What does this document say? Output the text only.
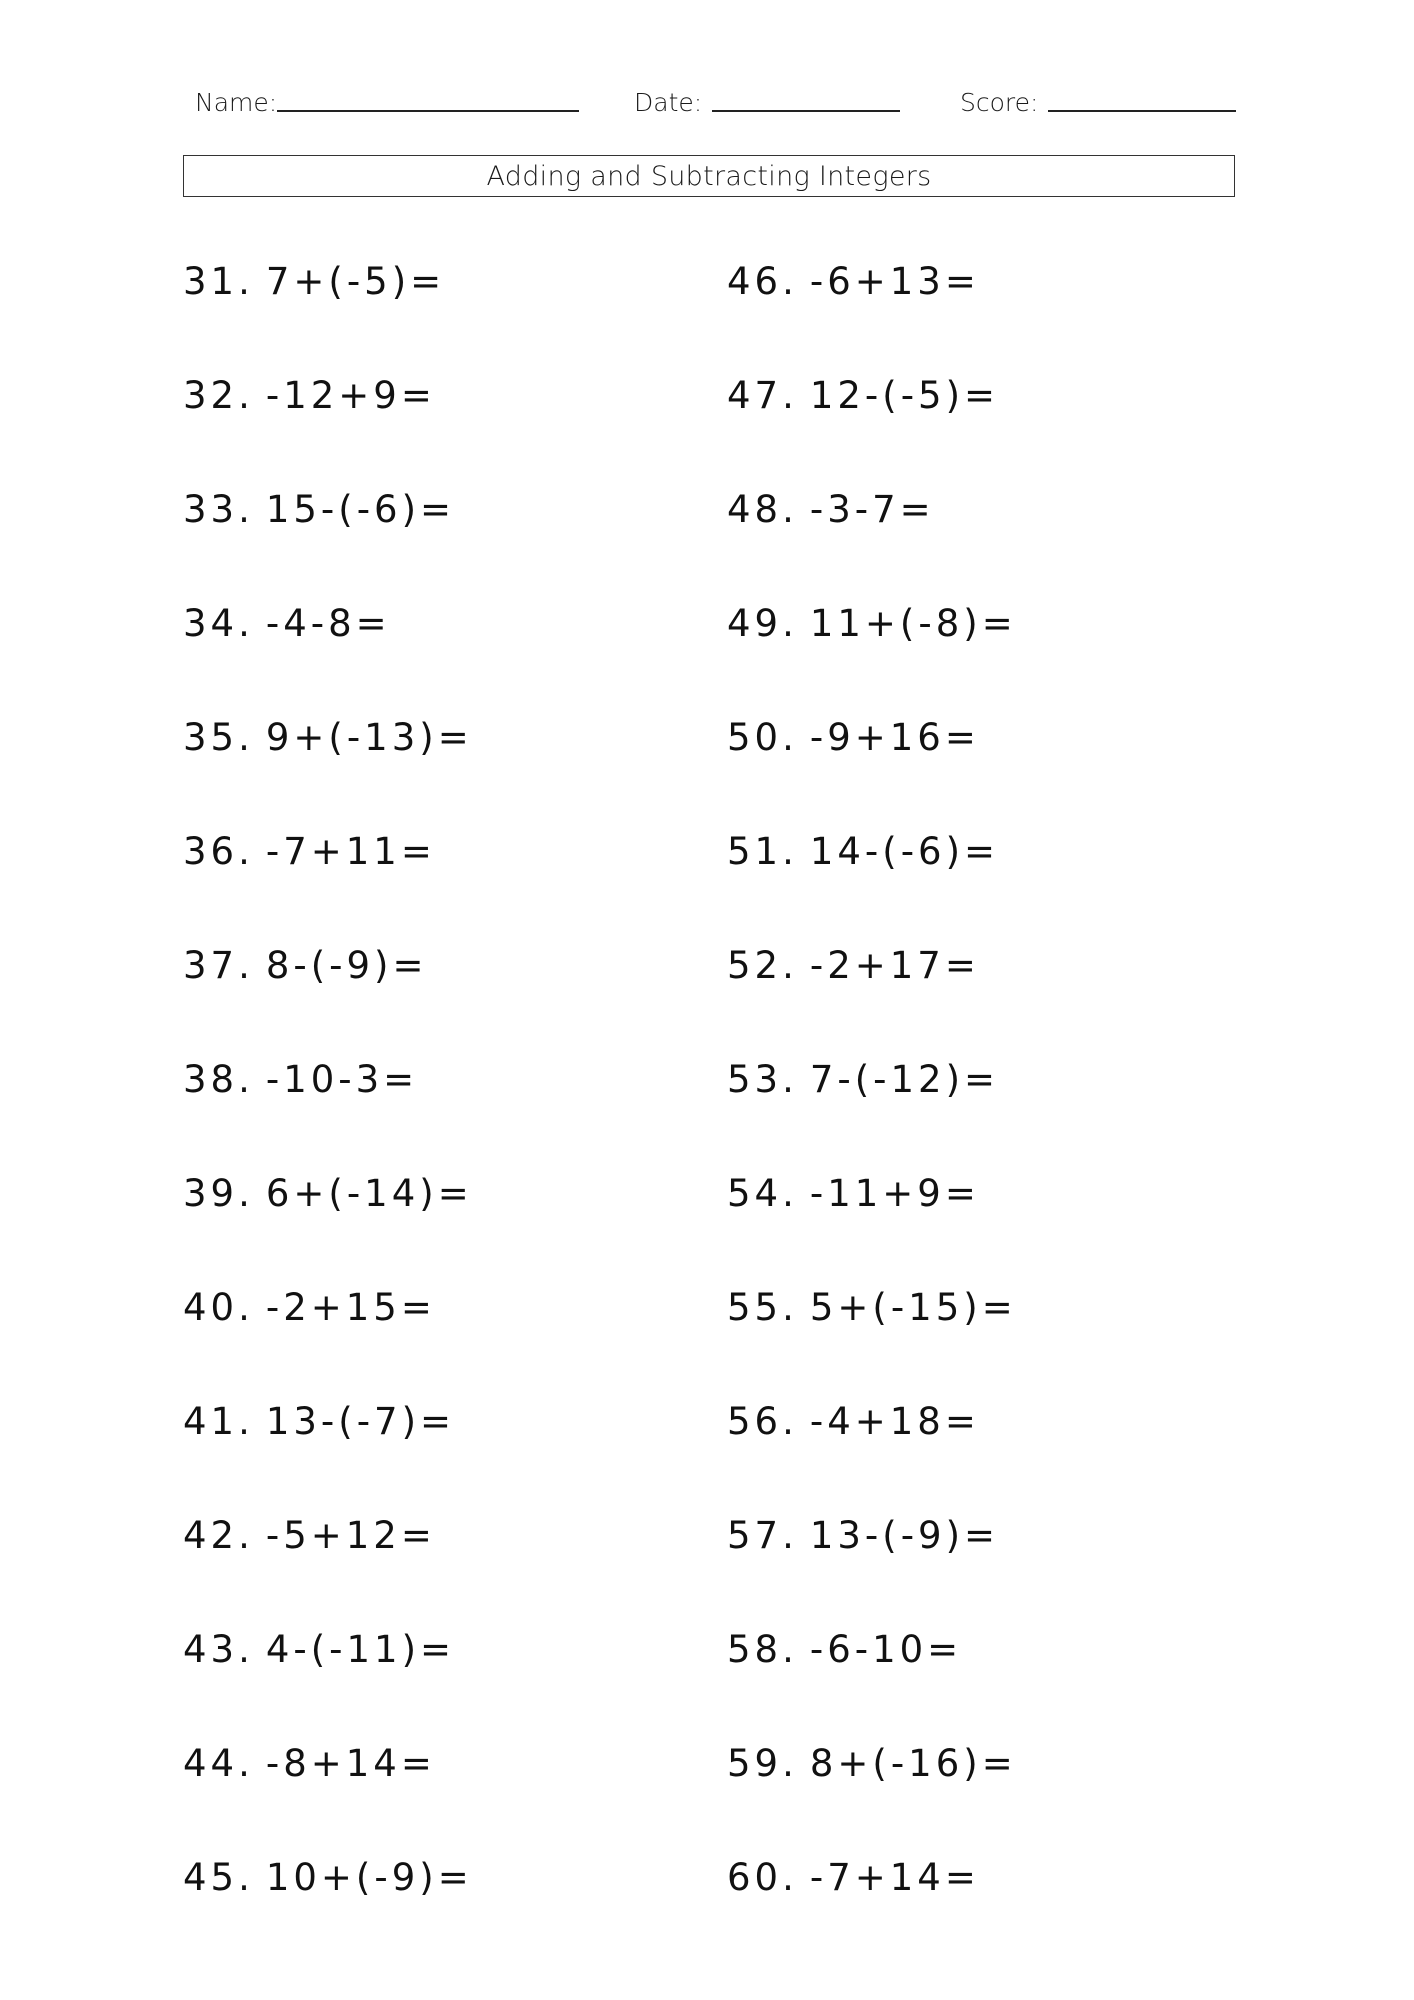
Name:	Date:	Score:
Adding and Subtracting Integers
31. 7+(-5)=
32. -12+9=
33. 15-(-6)=
34. -4-8=
35. 9+(-13)=
36. -7+11=
37. 8-(-9)=
38. -10-3=
39. 6+(-14)=
40. -2+15=
41. 13-(-7)=
42. -5+12=
43. 4-(-11)=
44. -8+14=
45. 10+(-9)=
46. -6+13=
47. 12-(-5)=
48. -3-7=
49. 11+(-8)=
50. -9+16=
51. 14-(-6)=
52. -2+17=
53. 7-(-12)=
54. -11+9=
55. 5+(-15)=
56. -4+18=
57. 13-(-9)=
58. -6-10=
59. 8+(-16)=
60. -7+14=
